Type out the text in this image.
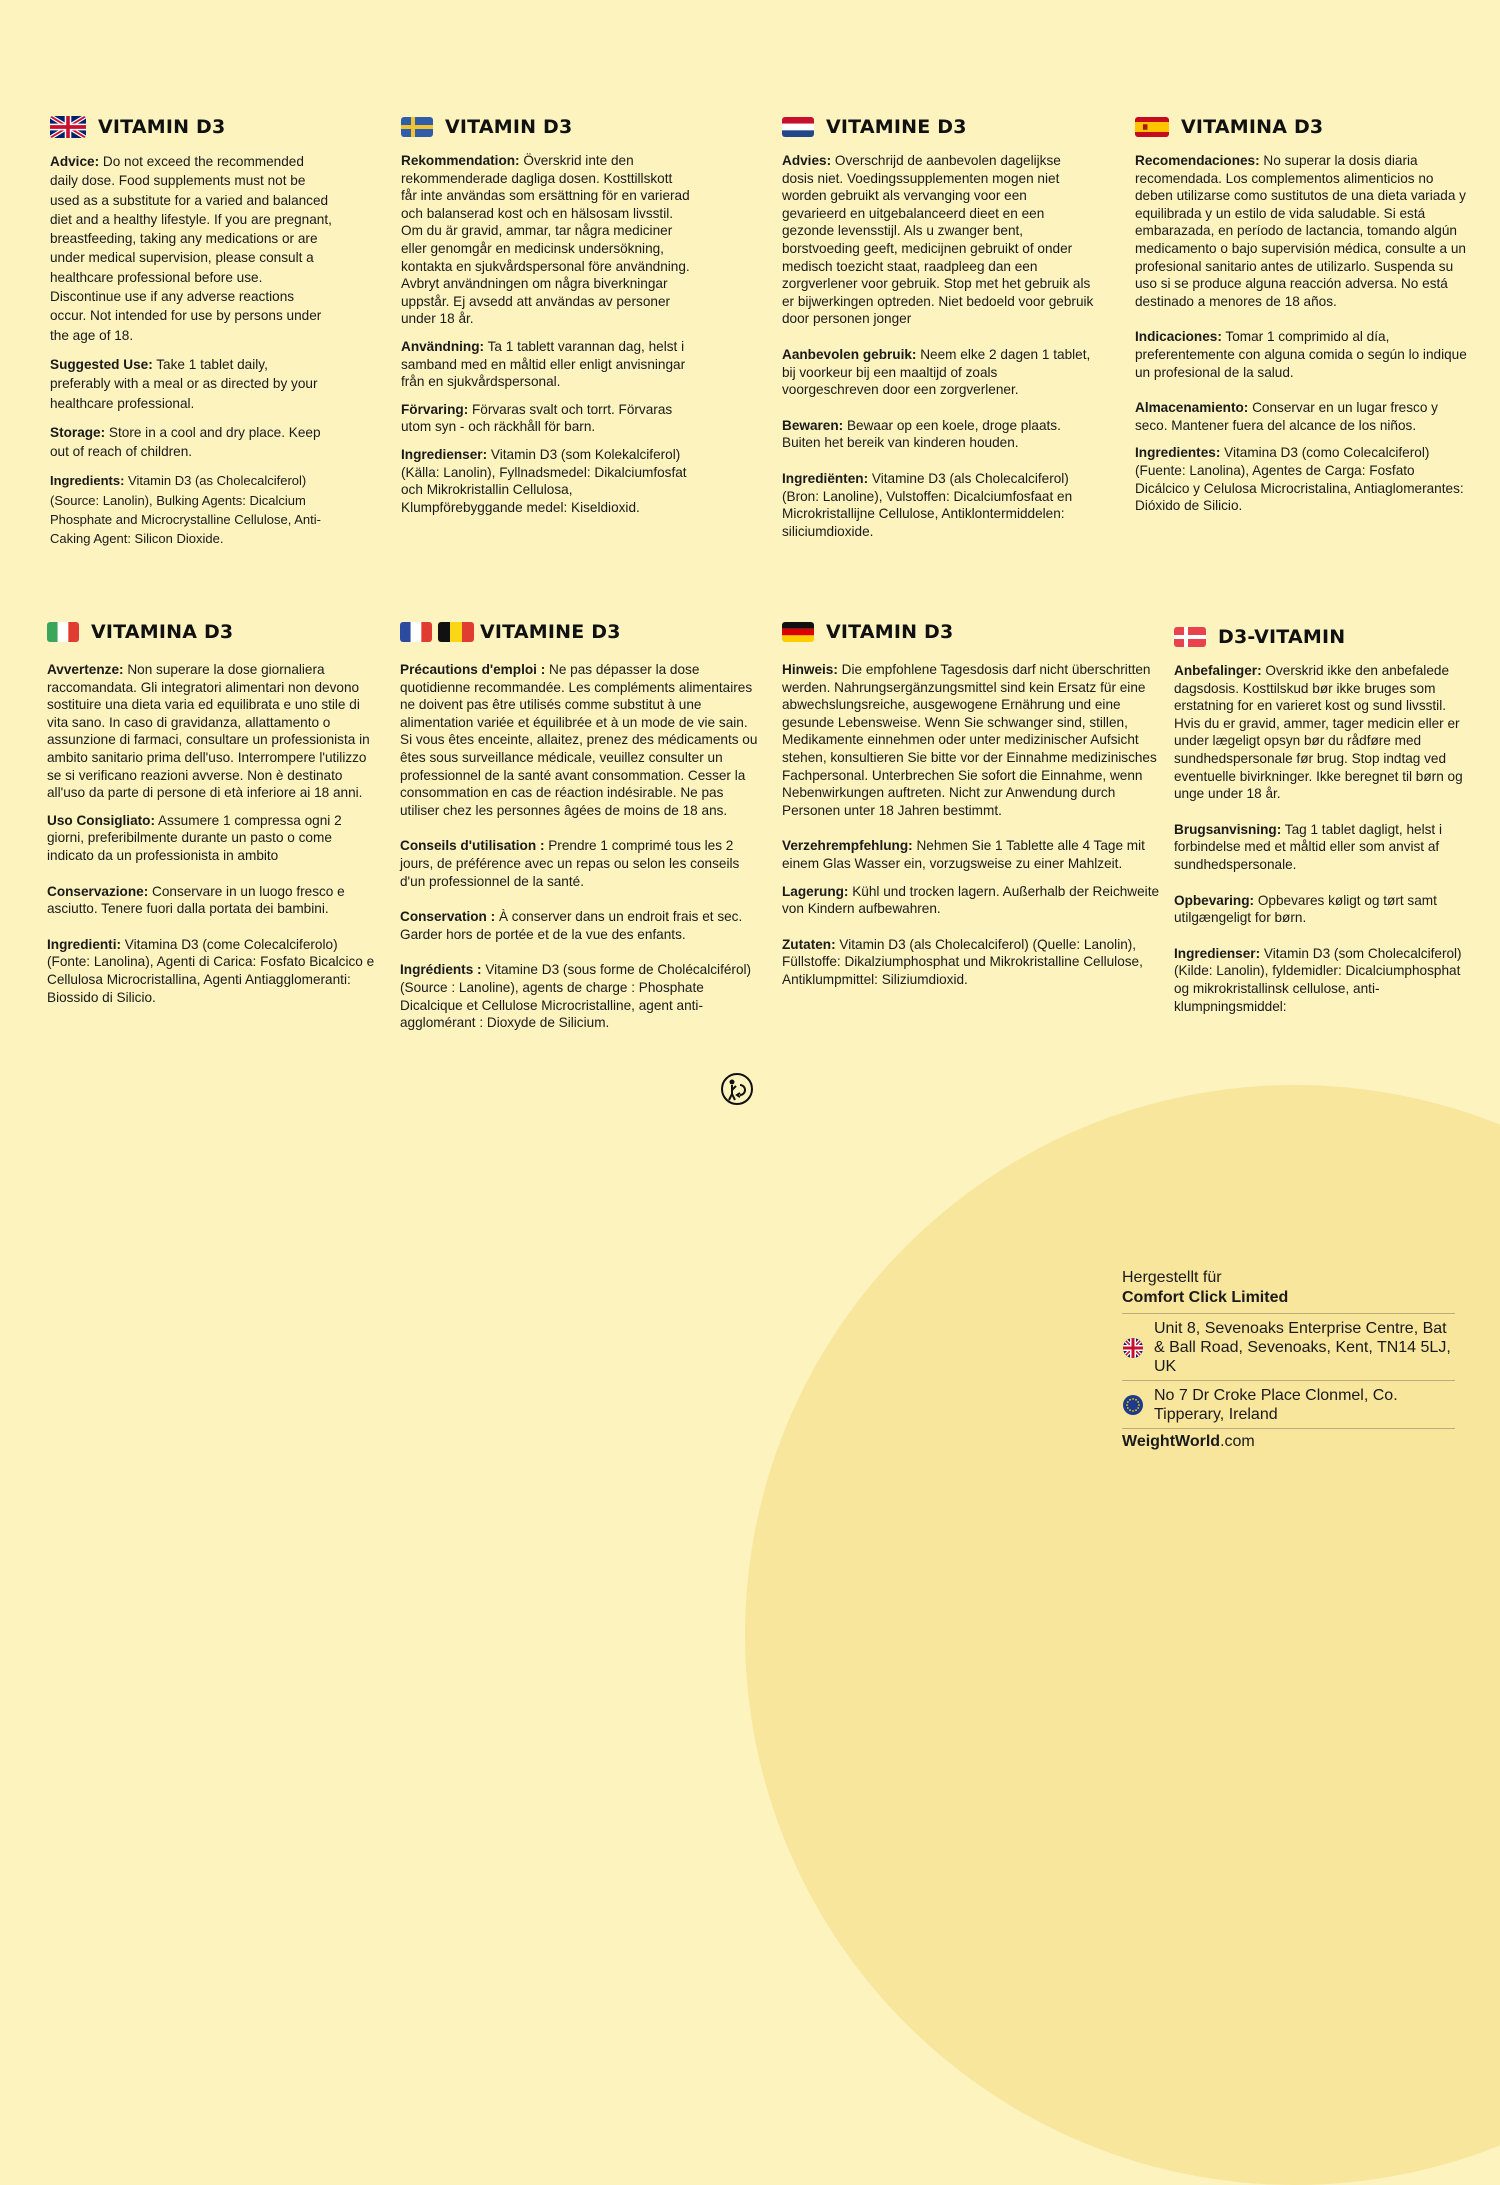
VITAMIN D3
Advice: Do not exceed the recommended daily dose. Food supplements must not be used as a substitute for a varied and balanced diet and a healthy lifestyle. If you are pregnant, breastfeeding, taking any medications or are under medical supervision, please consult a healthcare professional before use. Discontinue use if any adverse reactions occur. Not intended for use by persons under the age of 18.
Suggested Use: Take 1 tablet daily, preferably with a meal or as directed by your healthcare professional.
Storage: Store in a cool and dry place. Keep out of reach of children.
Ingredients: Vitamin D3 (as Cholecalciferol) (Source: Lanolin), Bulking Agents: Dicalcium Phosphate and Microcrystalline Cellulose, Anti-Caking Agent: Silicon Dioxide.
VITAMIN D3
Rekommendation: Överskrid inte den rekommenderade dagliga dosen. Kosttillskott får inte användas som ersättning för en varierad och balanserad kost och en hälsosam livsstil. Om du är gravid, ammar, tar några mediciner eller genomgår en medicinsk undersökning, kontakta en sjukvårdspersonal före användning. Avbryt användningen om några biverkningar uppstår. Ej avsedd att användas av personer under 18 år.
Användning: Ta 1 tablett varannan dag, helst i samband med en måltid eller enligt anvisningar från en sjukvårdspersonal.
Förvaring: Förvaras svalt och torrt. Förvaras utom syn - och räckhåll för barn.
Ingredienser: Vitamin D3 (som Kolekalciferol) (Källa: Lanolin), Fyllnadsmedel: Dikalciumfosfat och Mikrokristallin Cellulosa, Klumpförebyggande medel: Kiseldioxid.
VITAMINE D3
Advies: Overschrijd de aanbevolen dagelijkse dosis niet. Voedingssupplementen mogen niet worden gebruikt als vervanging voor een gevarieerd en uitgebalanceerd dieet en een gezonde levensstijl. Als u zwanger bent, borstvoeding geeft, medicijnen gebruikt of onder medisch toezicht staat, raadpleeg dan een zorgverlener voor gebruik. Stop met het gebruik als er bijwerkingen optreden. Niet bedoeld voor gebruik door personen jonger
Aanbevolen gebruik: Neem elke 2 dagen 1 tablet, bij voorkeur bij een maaltijd of zoals voorgeschreven door een zorgverlener.
Bewaren: Bewaar op een koele, droge plaats. Buiten het bereik van kinderen houden.
Ingrediënten: Vitamine D3 (als Cholecalciferol) (Bron: Lanoline), Vulstoffen: Dicalciumfosfaat en Microkristallijne Cellulose, Antiklontermiddelen: siliciumdioxide.
VITAMINA D3
Recomendaciones: No superar la dosis diaria recomendada. Los complementos alimenticios no deben utilizarse como sustitutos de una dieta variada y equilibrada y un estilo de vida saludable. Si está embarazada, en período de lactancia, tomando algún medicamento o bajo supervisión médica, consulte a un profesional sanitario antes de utilizarlo. Suspenda su uso si se produce alguna reacción adversa. No está destinado a menores de 18 años.
Indicaciones: Tomar 1 comprimido al día, preferentemente con alguna comida o según lo indique un profesional de la salud.
Almacenamiento: Conservar en un lugar fresco y seco. Mantener fuera del alcance de los niños.
Ingredientes: Vitamina D3 (como Colecalciferol) (Fuente: Lanolina), Agentes de Carga: Fosfato Dicálcico y Celulosa Microcristalina, Antiaglomerantes: Dióxido de Silicio.
VITAMINA D3
Avvertenze: Non superare la dose giornaliera raccomandata. Gli integratori alimentari non devono sostituire una dieta varia ed equilibrata e uno stile di vita sano. In caso di gravidanza, allattamento o assunzione di farmaci, consultare un professionista in ambito sanitario prima dell'uso. Interrompere l'utilizzo se si verificano reazioni avverse. Non è destinato all'uso da parte di persone di età inferiore ai 18 anni.
Uso Consigliato: Assumere 1 compressa ogni 2 giorni, preferibilmente durante un pasto o come indicato da un professionista in ambito
Conservazione: Conservare in un luogo fresco e asciutto. Tenere fuori dalla portata dei bambini.
Ingredienti: Vitamina D3 (come Colecalciferolo) (Fonte: Lanolina), Agenti di Carica: Fosfato Bicalcico e Cellulosa Microcristallina, Agenti Antiagglomeranti: Biossido di Silicio.
VITAMINE D3
Précautions d'emploi : Ne pas dépasser la dose quotidienne recommandée. Les compléments alimentaires ne doivent pas être utilisés comme substitut à une alimentation variée et équilibrée et à un mode de vie sain. Si vous êtes enceinte, allaitez, prenez des médicaments ou êtes sous surveillance médicale, veuillez consulter un professionnel de la santé avant consommation. Cesser la consommation en cas de réaction indésirable. Ne pas utiliser chez les personnes âgées de moins de 18 ans.
Conseils d'utilisation : Prendre 1 comprimé tous les 2 jours, de préférence avec un repas ou selon les conseils d'un professionnel de la santé.
Conservation : À conserver dans un endroit frais et sec. Garder hors de portée et de la vue des enfants.
Ingrédients : Vitamine D3 (sous forme de Cholécalciférol) (Source : Lanoline), agents de charge : Phosphate Dicalcique et Cellulose Microcristalline, agent anti-agglomérant : Dioxyde de Silicium.
VITAMIN D3
Hinweis: Die empfohlene Tagesdosis darf nicht überschritten werden. Nahrungsergänzungsmittel sind kein Ersatz für eine abwechslungsreiche, ausgewogene Ernährung und eine gesunde Lebensweise. Wenn Sie schwanger sind, stillen, Medikamente einnehmen oder unter medizinischer Aufsicht stehen, konsultieren Sie bitte vor der Einnahme medizinisches Fachpersonal. Unterbrechen Sie sofort die Einnahme, wenn Nebenwirkungen auftreten. Nicht zur Anwendung durch Personen unter 18 Jahren bestimmt.
Verzehrempfehlung: Nehmen Sie 1 Tablette alle 4 Tage mit einem Glas Wasser ein, vorzugsweise zu einer Mahlzeit.
Lagerung: Kühl und trocken lagern. Außerhalb der Reichweite von Kindern aufbewahren.
Zutaten: Vitamin D3 (als Cholecalciferol) (Quelle: Lanolin), Füllstoffe: Dikalziumphosphat und Mikrokristalline Cellulose, Antiklumpmittel: Siliziumdioxid.
D3-VITAMIN
Anbefalinger: Overskrid ikke den anbefalede dagsdosis. Kosttilskud bør ikke bruges som erstatning for en varieret kost og sund livsstil. Hvis du er gravid, ammer, tager medicin eller er under lægeligt opsyn bør du rådføre med sundhedspersonale før brug. Stop indtag ved eventuelle bivirkninger. Ikke beregnet til børn og unge under 18 år.
Brugsanvisning: Tag 1 tablet dagligt, helst i forbindelse med et måltid eller som anvist af sundhedspersonale.
Opbevaring: Opbevares køligt og tørt samt utilgængeligt for børn.
Ingredienser: Vitamin D3 (som Cholecalciferol) (Kilde: Lanolin), fyldemidler: Dicalciumphosphat og mikrokristallinsk cellulose, anti-klumpningsmiddel:
Hergestellt für
Comfort Click Limited
Unit 8, Sevenoaks Enterprise Centre, Bat & Ball Road, Sevenoaks, Kent, TN14 5LJ, UK
No 7 Dr Croke Place Clonmel, Co. Tipperary, Ireland
WeightWorld.com
